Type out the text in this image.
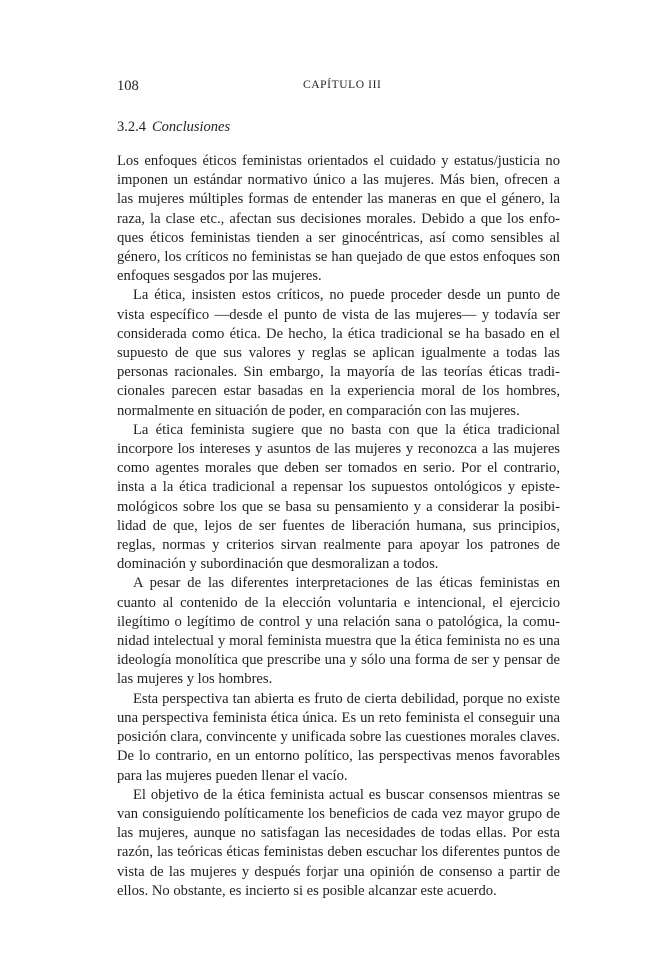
108	CAPÍTULO III
3.2.4 Conclusiones

Los enfoques éticos feministas orientados el cuidado y estatus/justicia no imponen un estándar normativo único a las mujeres. Más bien, ofrecen a las mujeres múltiples formas de entender las maneras en que el género, la raza, la clase etc., afectan sus decisiones morales. Debido a que los enfoques éticos feministas tienden a ser ginocéntricas, así como sensibles al género, los críticos no feministas se han quejado de que estos enfoques son enfoques sesgados por las mujeres.

La ética, insisten estos críticos, no puede proceder desde un punto de vista específico —desde el punto de vista de las mujeres— y todavía ser considerada como ética. De hecho, la ética tradicional se ha basado en el supuesto de que sus valores y reglas se aplican igualmente a todas las personas racionales. Sin embargo, la mayoría de las teorías éticas tradicionales parecen estar basadas en la experiencia moral de los hombres, normalmente en situación de poder, en comparación con las mujeres.

La ética feminista sugiere que no basta con que la ética tradicional incorpore los intereses y asuntos de las mujeres y reconozca a las mujeres como agentes morales que deben ser tomados en serio. Por el contrario, insta a la ética tradicional a repensar los supuestos ontológicos y epistemológicos sobre los que se basa su pensamiento y a considerar la posibilidad de que, lejos de ser fuentes de liberación humana, sus principios, reglas, normas y criterios sirvan realmente para apoyar los patrones de dominación y subordinación que desmoralizan a todos.

A pesar de las diferentes interpretaciones de las éticas feministas en cuanto al contenido de la elección voluntaria e intencional, el ejercicio ilegítimo o legítimo de control y una relación sana o patológica, la comunidad intelectual y moral feminista muestra que la ética feminista no es una ideología monolítica que prescribe una y sólo una forma de ser y pensar de las mujeres y los hombres.

Esta perspectiva tan abierta es fruto de cierta debilidad, porque no existe una perspectiva feminista ética única. Es un reto feminista el conseguir una posición clara, convincente y unificada sobre las cuestiones morales claves. De lo contrario, en un entorno político, las perspectivas menos favorables para las mujeres pueden llenar el vacío.

El objetivo de la ética feminista actual es buscar consensos mientras se van consiguiendo políticamente los beneficios de cada vez mayor grupo de las mujeres, aunque no satisfagan las necesidades de todas ellas. Por esta razón, las teóricas éticas feministas deben escuchar los diferentes puntos de vista de las mujeres y después forjar una opinión de consenso a partir de ellos. No obstante, es incierto si es posible alcanzar este acuerdo.
